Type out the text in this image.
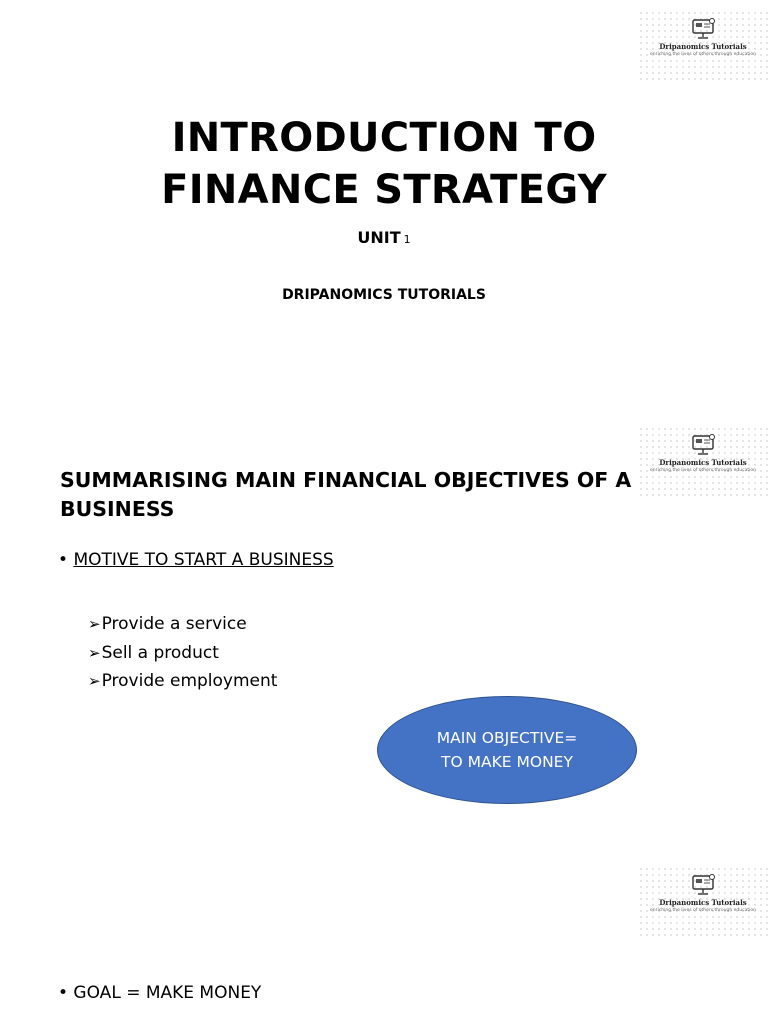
Dripanomics Tutorials
enriching the lives of others through education
INTRODUCTION TO
FINANCE STRATEGY
UNIT 1
DRIPANOMICS TUTORIALS
Dripanomics Tutorials
enriching the lives of others through education
SUMMARISING MAIN FINANCIAL OBJECTIVES OF A BUSINESS
• MOTIVE TO START A BUSINESS
➢ Provide a service
➢ Sell a product
➢ Provide employment
MAIN OBJECTIVE=
TO MAKE MONEY
Dripanomics Tutorials
enriching the lives of others through education
• GOAL = MAKE MONEY
